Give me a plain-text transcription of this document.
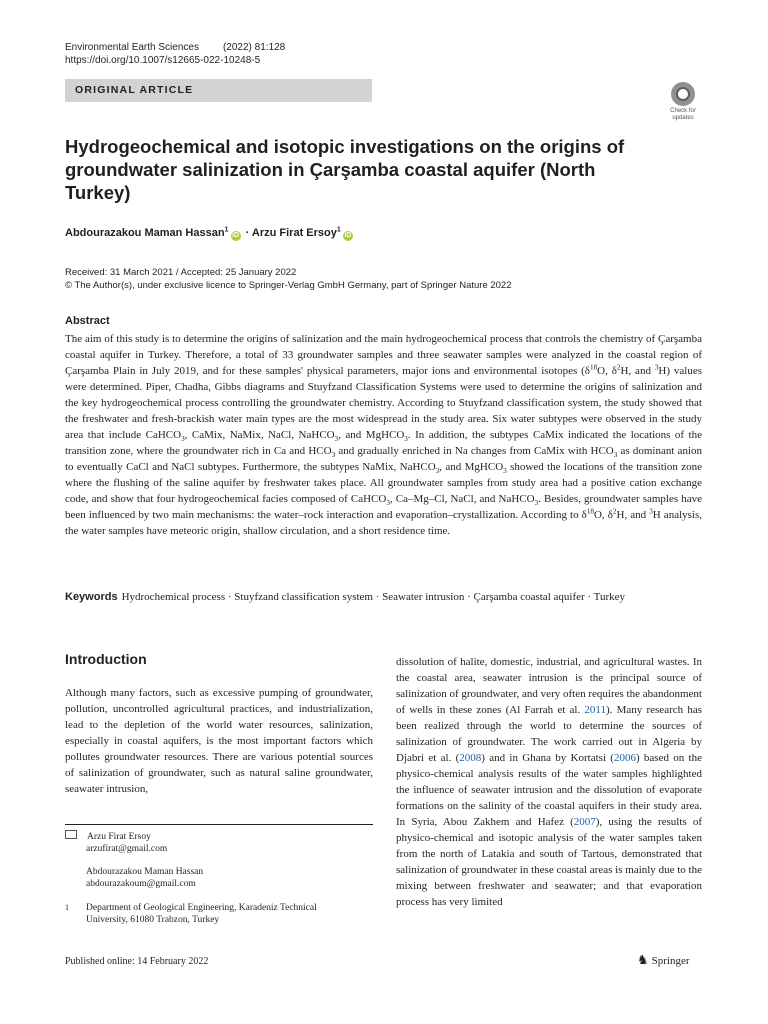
Environmental Earth Sciences (2022) 81:128
https://doi.org/10.1007/s12665-022-10248-5
ORIGINAL ARTICLE
Check for
updates
Hydrogeochemical and isotopic investigations on the origins of groundwater salinization in Çarşamba coastal aquifer (North Turkey)
Abdourazakou Maman Hassan$^1$iD · Arzu Firat Ersoy$^1$iD
Received: 31 March 2021 / Accepted: 25 January 2022
© The Author(s), under exclusive licence to Springer-Verlag GmbH Germany, part of Springer Nature 2022
Abstract

The aim of this study is to determine the origins of salinization and the main hydrogeochemical process that controls the chemistry of Çarşamba coastal aquifer in Turkey. Therefore, a total of 33 groundwater samples and three seawater samples were analyzed in the coastal region of Çarşamba Plain in July 2019, and for these samples' physical parameters, major ions and environmental isotopes ($\delta^{18}O$, $\delta^2H$, and $^3$H) values were determined. Piper, Chadha, Gibbs diagrams and Stuyfzand Classification Systems were used to determine the origins of salinization and the key hydrogeochemical process controlling the groundwater chemistry. According to Stuyfzand classification system, the study showed that the freshwater and fresh-brackish water main types are the most widespread in the study area. Six water subtypes were observed in the study area that include CaHCO$_3$, CaMix, NaMix, NaCl, NaHCO$_3$, and MgHCO$_3$. In addition, the subtypes CaMix indicated the locations of the transition zone, where the groundwater rich in Ca and $HCO_3$ and gradually enriched in Na changes from CaMix with $HCO_3$ as dominant anion to eventually CaCl and NaCl subtypes. Furthermore, the subtypes NaMix, NaHCO$_3$, and MgHCO$_3$ showed the locations of the transition zone where the flushing of the saline aquifer by freshwater takes place. All groundwater samples from study area had a positive cation exchange code, and show that four hydrogeochemical facies composed of CaHCO$_3$, Ca–Mg–Cl, NaCl, and NaHCO$_3$. Besides, groundwater samples have been influenced by two main mechanisms: the water–rock interaction and evaporation–crystallization. According to $\delta^{18}O$, $\delta^2H$, and $^3$H analysis, the water samples have meteoric origin, shallow circulation, and a short residence time.

Keywords Hydrochemical process · Stuyfzand classification system · Seawater intrusion · Çarşamba coastal aquifer · Turkey
Introduction

Although many factors, such as excessive pumping of groundwater, pollution, uncontrolled agricultural practices, and industrialization, lead to the depletion of the world water resources, salinization, especially in coastal aquifers, is the most important factors which pollutes groundwater resources. There are various potential sources of salinization of groundwater, such as natural saline groundwater, seawater intrusion,

dissolution of halite, domestic, industrial, and agricultural wastes. In the coastal area, seawater intrusion is the principal source of salinization of groundwater, and very often requires the abandonment of wells in these zones (Al Farrah et al. 2011). Many research has been realized through the world to determine the sources of salinization of groundwater. The work carried out in Algeria by Djabri et al. (2008) and in Ghana by Kortatsi (2006) based on the physico-chemical analysis results of the water samples highlighted the influence of seawater intrusion and the dissolution of evaporate formations on the salinity of the coastal aquifers in their study area. In Syria, Abou Zakhem and Hafez (2007), using the results of physico-chemical and isotopic analysis of the water samples taken from the north of Latakia and south of Tartous, demonstrated that salinization of groundwater in these coastal areas is mainly due to the mixing between freshwater and seawater; and that evaporation process has very limited

Arzu Firat Ersoy
arzufirat@gmail.com
Abdourazakou Maman Hassan
abdourazakoum@gmail.com
1	Department of Geological Engineering, Karadeniz Technical
University, 61080 Trabzon, Turkey
Published online: 14 February 2022	♞ Springer
